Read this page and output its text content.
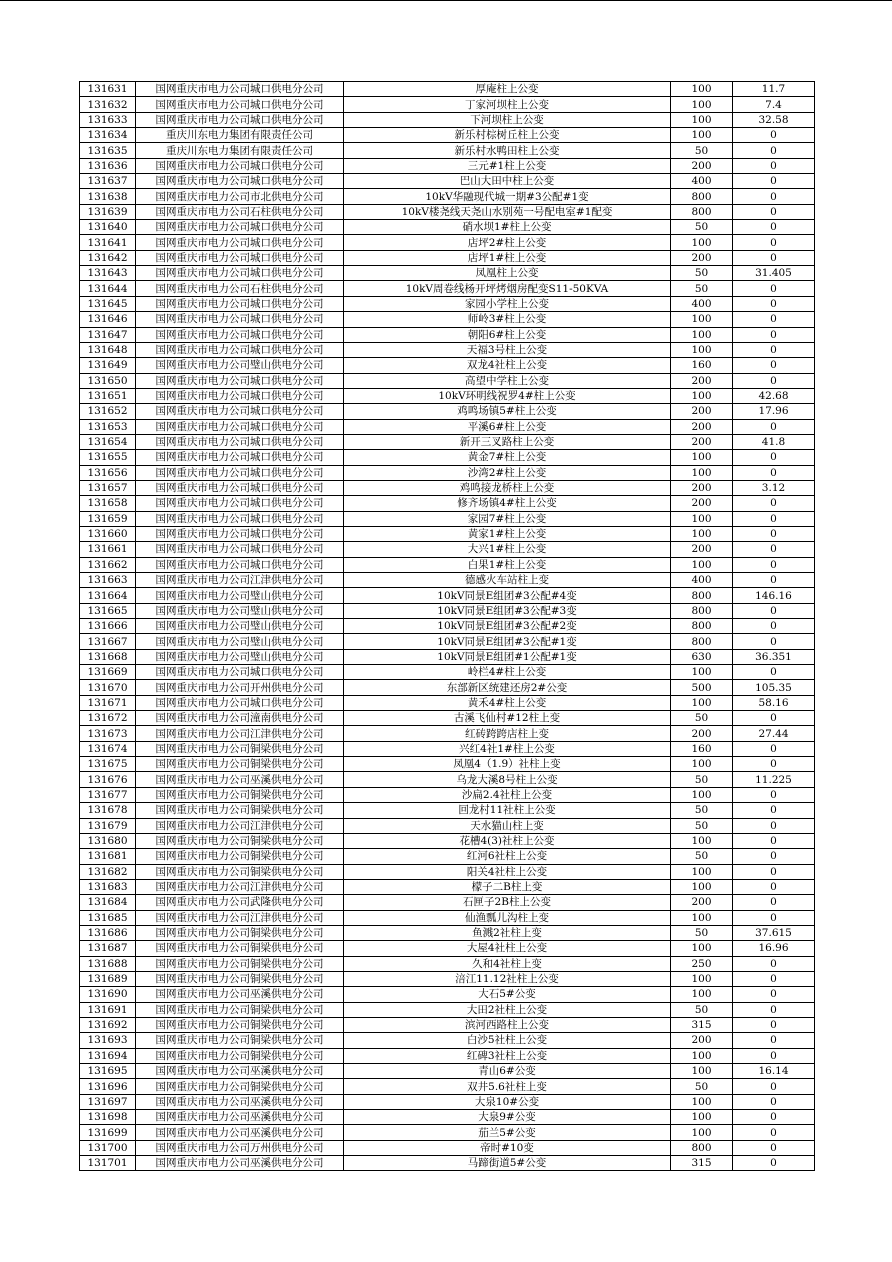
131631	国网重庆市电力公司城口供电分公司	厚庵柱上公变	100	11.7
131632	国网重庆市电力公司城口供电分公司	丁家河坝柱上公变	100	7.4
131633	国网重庆市电力公司城口供电分公司	下河坝柱上公变	100	32.58
131634	重庆川东电力集团有限责任公司	新乐村棕树丘柱上公变	100	0
131635	重庆川东电力集团有限责任公司	新乐村水鸭田柱上公变	50	0
131636	国网重庆市电力公司城口供电分公司	三元#1柱上公变	200	0
131637	国网重庆市电力公司城口供电分公司	巴山大田中柱上公变	400	0
131638	国网重庆市电力公司市北供电分公司	10kV华融现代城一期#3公配#1变	800	0
131639	国网重庆市电力公司石柱供电分公司	10kV楼尧线天尧山水别苑一号配电室#1配变	800	0
131640	国网重庆市电力公司城口供电分公司	硝水坝1#柱上公变	50	0
131641	国网重庆市电力公司城口供电分公司	店坪2#柱上公变	100	0
131642	国网重庆市电力公司城口供电分公司	店坪1#柱上公变	200	0
131643	国网重庆市电力公司城口供电分公司	凤凰柱上公变	50	31.405
131644	国网重庆市电力公司石柱供电分公司	10kV周卷线杨开坪烤烟房配变S11-50KVA	50	0
131645	国网重庆市电力公司城口供电分公司	家园小学柱上公变	400	0
131646	国网重庆市电力公司城口供电分公司	师岭3#柱上公变	100	0
131647	国网重庆市电力公司城口供电分公司	朝阳6#柱上公变	100	0
131648	国网重庆市电力公司城口供电分公司	天福3号柱上公变	100	0
131649	国网重庆市电力公司璧山供电分公司	双龙4社柱上公变	160	0
131650	国网重庆市电力公司城口供电分公司	高望中学柱上公变	200	0
131651	国网重庆市电力公司城口供电分公司	10kV环明线祝罗4#柱上公变	100	42.68
131652	国网重庆市电力公司城口供电分公司	鸡鸣场镇5#柱上公变	200	17.96
131653	国网重庆市电力公司城口供电分公司	平溪6#柱上公变	200	0
131654	国网重庆市电力公司城口供电分公司	新开三叉路柱上公变	200	41.8
131655	国网重庆市电力公司城口供电分公司	黄金7#柱上公变	100	0
131656	国网重庆市电力公司城口供电分公司	沙湾2#柱上公变	100	0
131657	国网重庆市电力公司城口供电分公司	鸡鸣接龙桥柱上公变	200	3.12
131658	国网重庆市电力公司城口供电分公司	修齐场镇4#柱上公变	200	0
131659	国网重庆市电力公司城口供电分公司	家园7#柱上公变	100	0
131660	国网重庆市电力公司城口供电分公司	黄家1#柱上公变	100	0
131661	国网重庆市电力公司城口供电分公司	大兴1#柱上公变	200	0
131662	国网重庆市电力公司城口供电分公司	白果1#柱上公变	100	0
131663	国网重庆市电力公司江津供电分公司	德感火车站柱上变	400	0
131664	国网重庆市电力公司璧山供电分公司	10kV同景E组团#3公配#4变	800	146.16
131665	国网重庆市电力公司璧山供电分公司	10kV同景E组团#3公配#3变	800	0
131666	国网重庆市电力公司璧山供电分公司	10kV同景E组团#3公配#2变	800	0
131667	国网重庆市电力公司璧山供电分公司	10kV同景E组团#3公配#1变	800	0
131668	国网重庆市电力公司璧山供电分公司	10kV同景E组团#1公配#1变	630	36.351
131669	国网重庆市电力公司城口供电分公司	岭栏4#柱上公变	100	0
131670	国网重庆市电力公司开州供电分公司	东部新区统建还房2#公变	500	105.35
131671	国网重庆市电力公司城口供电分公司	黄禾4#柱上公变	100	58.16
131672	国网重庆市电力公司潼南供电分公司	古溪飞仙村#12柱上变	50	0
131673	国网重庆市电力公司江津供电分公司	红砖跨跨店柱上变	200	27.44
131674	国网重庆市电力公司铜梁供电分公司	兴红4社1#柱上公变	160	0
131675	国网重庆市电力公司铜梁供电分公司	凤凰4（1.9）社柱上变	100	0
131676	国网重庆市电力公司巫溪供电分公司	乌龙大溪8号柱上公变	50	11.225
131677	国网重庆市电力公司铜梁供电分公司	沙扁2.4社柱上公变	100	0
131678	国网重庆市电力公司铜梁供电分公司	回龙村11社柱上公变	50	0
131679	国网重庆市电力公司江津供电分公司	天水猫山柱上变	50	0
131680	国网重庆市电力公司铜梁供电分公司	花槽4(3)社柱上公变	100	0
131681	国网重庆市电力公司铜梁供电分公司	红河6社柱上公变	50	0
131682	国网重庆市电力公司铜梁供电分公司	阳关4社柱上公变	100	0
131683	国网重庆市电力公司江津供电分公司	檬子二B柱上变	100	0
131684	国网重庆市电力公司武隆供电分公司	石匣子2B柱上公变	200	0
131685	国网重庆市电力公司江津供电分公司	仙渔瓢儿沟柱上变	100	0
131686	国网重庆市电力公司铜梁供电分公司	鱼溅2社柱上变	50	37.615
131687	国网重庆市电力公司铜梁供电分公司	大屋4社柱上公变	100	16.96
131688	国网重庆市电力公司铜梁供电分公司	久和4社柱上变	250	0
131689	国网重庆市电力公司铜梁供电分公司	涪江11.12社柱上公变	100	0
131690	国网重庆市电力公司巫溪供电分公司	大石5#公变	100	0
131691	国网重庆市电力公司铜梁供电分公司	大田2社柱上公变	50	0
131692	国网重庆市电力公司铜梁供电分公司	滨河西路柱上公变	315	0
131693	国网重庆市电力公司铜梁供电分公司	白沙5社柱上公变	200	0
131694	国网重庆市电力公司铜梁供电分公司	红碑3社柱上公变	100	0
131695	国网重庆市电力公司巫溪供电分公司	青山6#公变	100	16.14
131696	国网重庆市电力公司铜梁供电分公司	双井5.6社柱上变	50	0
131697	国网重庆市电力公司巫溪供电分公司	大泉10#公变	100	0
131698	国网重庆市电力公司巫溪供电分公司	大泉9#公变	100	0
131699	国网重庆市电力公司巫溪供电分公司	茄兰5#公变	100	0
131700	国网重庆市电力公司万州供电分公司	帝时#10变	800	0
131701	国网重庆市电力公司巫溪供电分公司	马蹄街道5#公变	315	0
